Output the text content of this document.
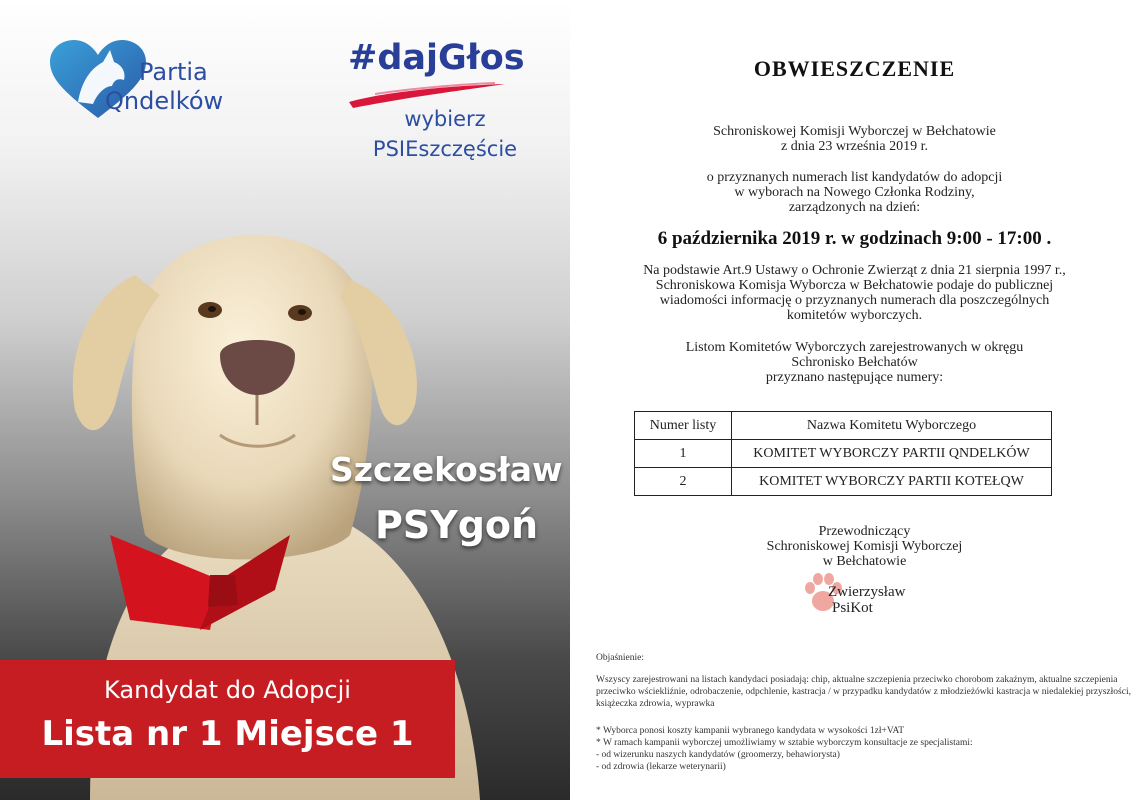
Partia
Qndelków
#dajGłos
wybierz
PSIEszczęście
Szczekosław
PSYgoń
Kandydat do Adopcji
Lista nr 1 Miejsce 1
OBWIESZCZENIE
Schroniskowej Komisji Wyborczej w Bełchatowie
z dnia 23 września 2019 r.
o przyznanych numerach list kandydatów do adopcji
w wyborach na Nowego Członka Rodziny,
zarządzonych na dzień:
6 października 2019 r. w godzinach 9:00 - 17:00 .
Na podstawie Art.9 Ustawy o Ochronie Zwierząt z dnia 21 sierpnia 1997 r.,
Schroniskowa Komisja Wyborcza w Bełchatowie podaje do publicznej
wiadomości informację o przyznanych numerach dla poszczególnych
komitetów wyborczych.
Listom Komitetów Wyborczych zarejestrowanych w okręgu
Schronisko Bełchatów
przyznano następujące numery:
Numer listy	Nazwa Komitetu Wyborczego
1	KOMITET WYBORCZY PARTII QNDELKÓW
2	KOMITET WYBORCZY PARTII KOTEŁQW
Przewodniczący
Schroniskowej Komisji Wyborczej
w Bełchatowie
Zwierzysław
PsiKot
Objaśnienie:
Wszyscy zarejestrowani na listach kandydaci posiadają: chip, aktualne szczepienia przeciwko chorobom zakaźnym, aktualne szczepienia przeciwko wściekliźnie, odrobaczenie, odpchlenie, kastracja / w przypadku kandydatów z młodzieżówki kastracja w niedalekiej przyszłości, książeczka zdrowia, wyprawka
* Wyborca ponosi koszty kampanii wybranego kandydata w wysokości 1zł+VAT
* W ramach kampanii wyborczej umożliwiamy w sztabie wyborczym konsultacje ze specjalistami:
- od wizerunku naszych kandydatów (groomerzy, behawiorysta)
- od zdrowia (lekarze weterynarii)
